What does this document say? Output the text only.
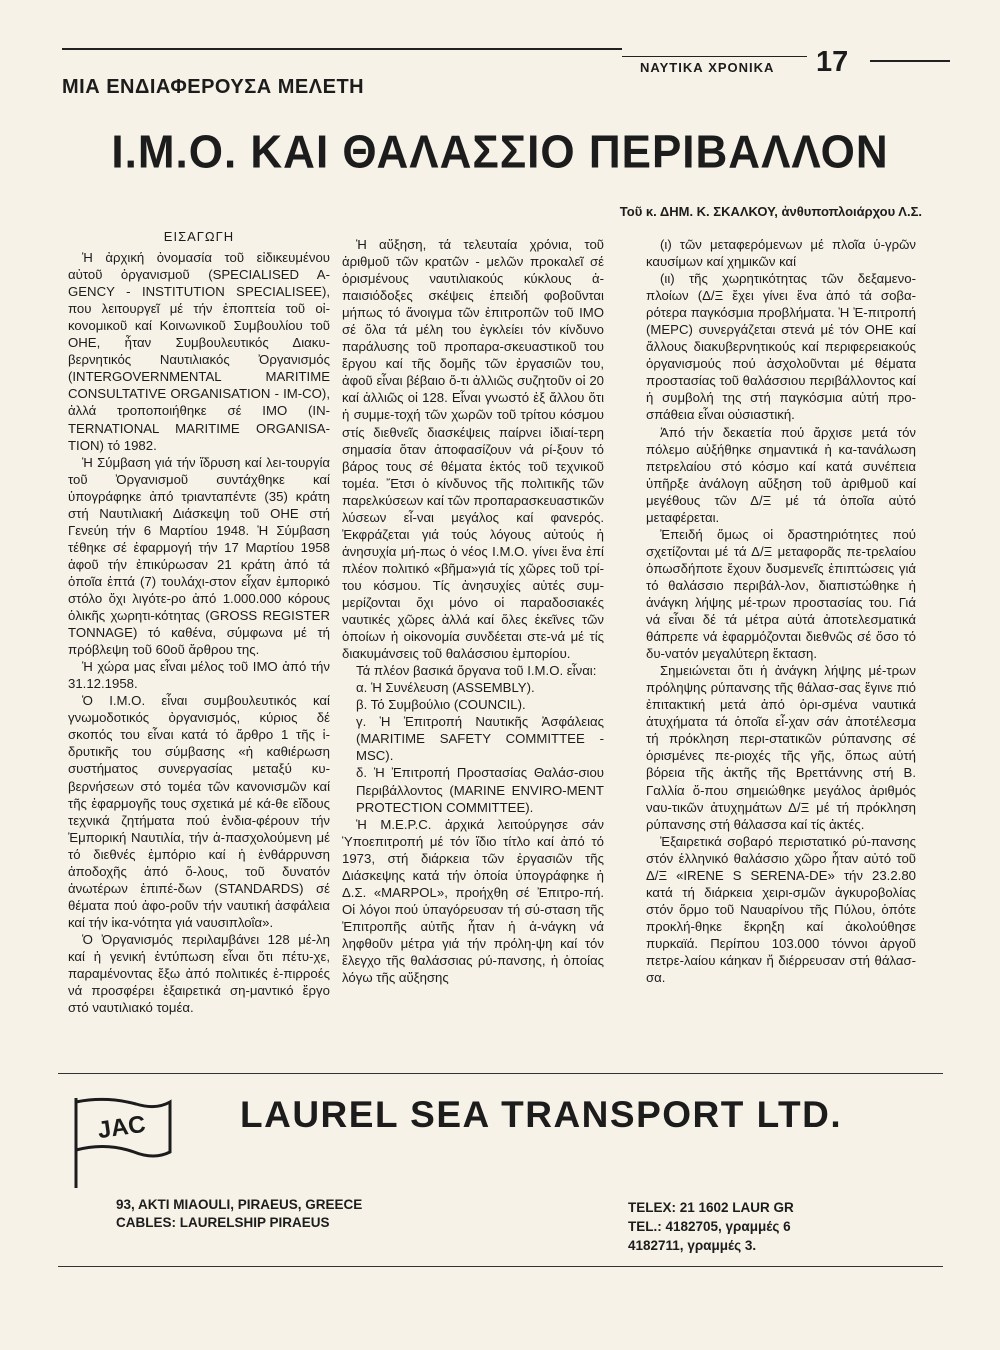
ΝΑΥΤΙΚΑ ΧΡΟΝΙΚΑ 17
ΜΙΑ ΕΝΔΙΑΦΕΡΟΥΣΑ ΜΕΛΕΤΗ
Ι.Μ.Ο. ΚΑΙ ΘΑΛΑΣΣΙΟ ΠΕΡΙΒΑΛΛΟΝ
Τοῦ κ. ΔΗΜ. Κ. ΣΚΑΛΚΟΥ, ἀνθυποπλοιάρχου Λ.Σ.
ΕΙΣΑΓΩΓΗ

Ἡ ἀρχική ὀνομασία τοῦ εἰδικευμένου αὐτοῦ ὀργανισμοῦ (SPECIALISED A-GENCY - INSTITUTION SPECIALISEE), που λειτουργεῖ μέ τήν ἐποπτεία τοῦ οἰ-κονομικοῦ καί Κοινωνικοῦ Συμβουλίου τοῦ ΟΗΕ, ἦταν Συμβουλευτικός Διακυ-βερνητικός Ναυτιλιακός Ὀργανισμός (INTERGOVERNMENTAL MARITIME CONSULTATIVE ORGANISATION - IM-CO), ἀλλά τροποποιήθηκε σέ IMO (IN-TERNATIONAL MARITIME ORGANISA-TION) τό 1982.

Ἡ Σύμβαση γιά τήν ἵδρυση καί λει-τουργία τοῦ Ὀργανισμοῦ συντάχθηκε καί ὑπογράφηκε ἀπό τριανταπέντε (35) κράτη στή Ναυτιλιακή Διάσκεψη τοῦ ΟΗΕ στή Γενεύη τήν 6 Μαρτίου 1948. Ἡ Σύμβαση τέθηκε σέ ἐφαρμογή τήν 17 Μαρτίου 1958 ἀφοῦ τήν ἐπικύρωσαν 21 κράτη ἀπό τά ὁποῖα ἑπτά (7) τουλάχι-στον εἶχαν ἐμπορικό στόλο ὄχι λιγότε-ρο ἀπό 1.000.000 κόρους ὁλικῆς χωρητι-κότητας (GROSS REGISTER TONNAGE) τό καθένα, σύμφωνα μέ τή πρόβλεψη τοῦ 60οῦ ἄρθρου της.

Ἡ χώρα μας εἶναι μέλος τοῦ ΙΜΟ ἀπό τήν 31.12.1958.

Ὁ Ι.Μ.Ο. εἶναι συμβουλευτικός καί γνωμοδοτικός ὀργανισμός, κύριος δέ σκοπός του εἶναι κατά τό ἄρθρο 1 τῆς ἱ-δρυτικῆς του σύμβασης «ἡ καθιέρωση συστήματος συνεργασίας μεταξύ κυ-βερνήσεων στό τομέα τῶν κανονισμῶν καί τῆς ἐφαρμογῆς τους σχετικά μέ κά-θε εἴδους τεχνικά ζητήματα πού ἐνδια-φέρουν τήν Ἐμπορική Ναυτιλία, τήν ἀ-πασχολούμενη μέ τό διεθνές ἐμπόριο καί ἡ ἐνθάρρυνση ἀποδοχῆς ἀπό ὅ-λους, τοῦ δυνατόν ἀνωτέρων ἐπιπέ-δων (STANDARDS) σέ θέματα πού ἀφο-ροῦν τήν ναυτική ἀσφάλεια καί τήν ἱκα-νότητα γιά ναυσιπλοΐα».

Ὁ Ὀργανισμός περιλαμβάνει 128 μέ-λη καί ἡ γενική ἐντύπωση εἶναι ὅτι πέτυ-χε, παραμένοντας ἔξω ἀπό πολιτικές ἐ-πιρροές νά προσφέρει ἐξαιρετικά ση-μαντικό ἔργο στό ναυτιλιακό τομέα.

Ἡ αὔξηση, τά τελευταία χρόνια, τοῦ ἀριθμοῦ τῶν κρατῶν - μελῶν προκαλεῖ σέ ὁρισμένους ναυτιλιακούς κύκλους ἀ-παισιόδοξες σκέψεις ἐπειδή φοβοῦνται μήπως τό ἄνοιγμα τῶν ἐπιτροπῶν τοῦ ΙΜΟ σέ ὅλα τά μέλη του ἐγκλείει τόν κίνδυνο παράλυσης τοῦ προπαρα-σκευαστικοῦ του ἔργου καί τῆς δομῆς τῶν ἐργασιῶν του, ἀφοῦ εἶναι βέβαιο ὅ-τι ἀλλιῶς συζητοῦν οἱ 20 καί ἀλλιῶς οἱ 128. Εἶναι γνωστό ἐξ ἄλλου ὅτι ἡ συμμε-τοχή τῶν χωρῶν τοῦ τρίτου κόσμου στίς διεθνεῖς διασκέψεις παίρνει ἰδιαί-τερη σημασία ὅταν ἀποφασίζουν νά ρί-ξουν τό βάρος τους σέ θέματα ἐκτός τοῦ τεχνικοῦ τομέα. Ἔτσι ὁ κίνδυνος τῆς πολιτικῆς τῶν παρελκύσεων καί τῶν προπαρασκευαστικῶν λύσεων εἶ-ναι μεγάλος καί φανερός. Ἐκφράζεται γιά τούς λόγους αὐτούς ἡ ἀνησυχία μή-πως ὁ νέος Ι.Μ.Ο. γίνει ἕνα ἐπί πλέον πολιτικό «βῆμα»γιά τίς χῶρες τοῦ τρί-του κόσμου. Τίς ἀνησυχίες αὐτές συμ-μερίζονται ὄχι μόνο οἱ παραδοσιακές ναυτικές χῶρες ἀλλά καί ὅλες ἐκεῖνες τῶν ὁποίων ἡ οἰκονομία συνδέεται στε-νά μέ τίς διακυμάνσεις τοῦ θαλάσσιου ἐμπορίου.

Τά πλέον βασικά ὄργανα τοῦ Ι.Μ.Ο. εἶναι:

α. Ἡ Συνέλευση (ASSEMBLY).

β. Τό Συμβούλιο (COUNCIL).

γ. Ἡ Ἐπιτροπή Ναυτικῆς Ἀσφάλειας (MARITIME SAFETY COMMITTEE - MSC).

δ. Ἡ Ἐπιτροπή Προστασίας Θαλάσ-σιου Περιβάλλοντος (MARINE ENVIRO-MENT PROTECTION COMMITTEE).

Ἡ Μ.Ε.Ρ.C. ἀρχικά λειτούργησε σάν Ὑποεπιτροπή μέ τόν ἴδιο τίτλο καί ἀπό τό 1973, στή διάρκεια τῶν ἐργασιῶν τῆς Διάσκεψης κατά τήν ὁποία ὑπογράφηκε ἡ Δ.Σ. «MARPOL», προήχθη σέ Ἐπιτρο-πή. Οἱ λόγοι πού ὑπαγόρευσαν τή σύ-σταση τῆς Ἐπιτροπῆς αὐτῆς ἦταν ἡ ἀ-νάγκη νά ληφθοῦν μέτρα γιά τήν πρόλη-ψη καί τόν ἔλεγχο τῆς θαλάσσιας ρύ-πανσης, ἡ ὁποίας λόγω τῆς αὔξησης

(ι) τῶν μεταφερόμενων μέ πλοῖα ὑ-γρῶν καυσίμων καί χημικῶν καί

(ιι) τῆς χωρητικότητας τῶν δεξαμενο-πλοίων (Δ/Ξ ἔχει γίνει ἕνα ἀπό τά σοβα-ρότερα παγκόσμια προβλήματα. Ἡ Ἐ-πιτροπή (ΜΕΡC) συνεργάζεται στενά μέ τόν ΟΗΕ καί ἄλλους διακυβερνητικούς καί περιφερειακούς ὀργανισμούς πού ἀσχολοῦνται μέ θέματα προστασίας τοῦ θαλάσσιου περιβάλλοντος καί ἡ συμβολή της στή παγκόσμια αὐτή προ-σπάθεια εἶναι οὐσιαστική.

Ἀπό τήν δεκαετία πού ἄρχισε μετά τόν πόλεμο αὐξήθηκε σημαντικά ἡ κα-τανάλωση πετρελαίου στό κόσμο καί κατά συνέπεια ὑπῆρξε ἀνάλογη αὔξηση τοῦ ἀριθμοῦ καί μεγέθους τῶν Δ/Ξ μέ τά ὁποῖα αὐτό μεταφέρεται.

Ἐπειδή ὅμως οἱ δραστηριότητες πού σχετίζονται μέ τά Δ/Ξ μεταφορᾶς πε-τρελαίου ὁπωσδήποτε ἔχουν δυσμενεῖς ἐπιπτώσεις γιά τό θαλάσσιο περιβάλ-λον, διαπιστώθηκε ἡ ἀνάγκη λήψης μέ-τρων προστασίας του. Γιά νά εἶναι δέ τά μέτρα αὐτά ἀποτελεσματικά θάπρεπε νά ἐφαρμόζονται διεθνῶς σέ ὅσο τό δυ-νατόν μεγαλύτερη ἔκταση.

Σημειώνεται ὅτι ἡ ἀνάγκη λήψης μέ-τρων πρόληψης ρύπανσης τῆς θάλασ-σας ἔγινε πιό ἐπιτακτική μετά ἀπό ὁρι-σμένα ναυτικά ἀτυχήματα τά ὁποῖα εἶ-χαν σάν ἀποτέλεσμα τή πρόκληση περι-στατικῶν ρύπανσης σέ ὁρισμένες πε-ριοχές τῆς γῆς, ὅπως αὐτή βόρεια τῆς ἀκτῆς τῆς Βρεττάννης στή Β. Γαλλία ὅ-που σημειώθηκε μεγάλος ἀριθμός ναυ-τικῶν ἀτυχημάτων Δ/Ξ μέ τή πρόκληση ρύπανσης στή θάλασσα καί τίς ἀκτές.

Ἐξαιρετικά σοβαρό περιστατικό ρύ-πανσης στόν ἑλληνικό θαλάσσιο χῶρο ἦταν αὐτό τοῦ Δ/Ξ «IRENE S SERENA-DE» τήν 23.2.80 κατά τή διάρκεια χειρι-σμῶν ἀγκυροβολίας στόν ὅρμο τοῦ Ναυαρίνου τῆς Πύλου, ὁπότε προκλή-θηκε ἔκρηξη καί ἀκολούθησε πυρκαϊά. Περίπου 103.000 τόννοι ἀργοῦ πετρε-λαίου κάηκαν ἤ διέρρευσαν στή θάλασ-σα.

JAC	LAUREL SEA TRANSPORT LTD.
93, AKTI MIAOULI, PIRAEUS, GREECE
CABLES: LAURELSHIP PIRAEUS
TELEX: 21 1602 LAUR GR
TEL.: 4182705, γραμμές 6
4182711, γραμμές 3.
